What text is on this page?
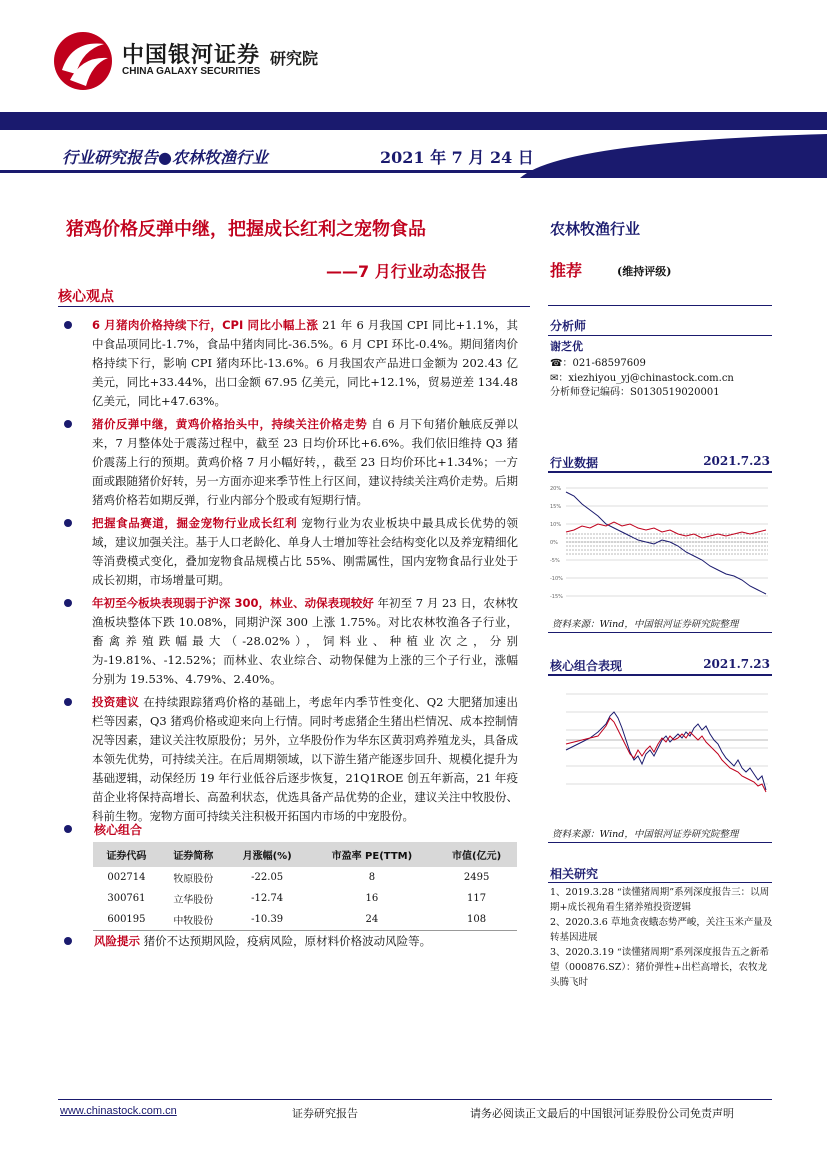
中国银河证券
CHINA GALAXY SECURITIES
研究院
行业研究报告●农林牧渔行业	2021 年 7 月 24 日
猪鸡价格反弹中继，把握成长红利之宠物食品
——7 月行业动态报告
核心观点
6 月猪肉价格持续下行，CPI 同比小幅上涨 21 年 6 月我国 CPI 同比+1.1%，其中食品项同比-1.7%，食品中猪肉同比-36.5%。6 月 CPI 环比-0.4%。期间猪肉价格持续下行，影响 CPI 猪肉环比-13.6%。6 月我国农产品进口金额为 202.43 亿美元，同比+33.44%，出口金额 67.95 亿美元，同比+12.1%，贸易逆差 134.48 亿美元，同比+47.63%。
猪价反弹中继，黄鸡价格抬头中，持续关注价格走势 自 6 月下旬猪价触底反弹以来，7 月整体处于震荡过程中，截至 23 日均价环比+6.6%。我们依旧维持 Q3 猪价震荡上行的预期。黄鸡价格 7 月小幅好转，，截至 23 日均价环比+1.34%；一方面或跟随猪价好转，另一方面亦迎来季节性上行区间，建议持续关注鸡价走势。后期猪鸡价格若如期反弹，行业内部分个股或有短期行情。
把握食品赛道，掘金宠物行业成长红利 宠物行业为农业板块中最具成长优势的领域，建议加强关注。基于人口老龄化、单身人士增加等社会结构变化以及养宠精细化等消费模式变化，叠加宠物食品规模占比 55%、刚需属性，国内宠物食品行业处于成长初期，市场增量可期。
年初至今板块表现弱于沪深 300，林业、动保表现较好 年初至 7 月 23 日，农林牧渔板块整体下跌 10.08%，同期沪深 300 上涨 1.75%。对比农林牧渔各子行业，畜禽养殖跌幅最大（-28.02%），饲料业、种植业次之，分别为-19.81%、-12.52%；而林业、农业综合、动物保健为上涨的三个子行业，涨幅分别为 19.53%、4.79%、2.40%。
投资建议 在持续跟踪猪鸡价格的基础上，考虑年内季节性变化、Q2 大肥猪加速出栏等因素，Q3 猪鸡价格或迎来向上行情。同时考虑猪企生猪出栏情况、成本控制情况等因素，建议关注牧原股份；另外，立华股份作为华东区黄羽鸡养殖龙头，具备成本领先优势，可持续关注。在后周期领域，以下游生猪产能逐步回升、规模化提升为基础逻辑，动保经历 19 年行业低谷后逐步恢复，21Q1ROE 创五年新高，21 年疫苗企业将保持高增长、高盈利状态，优选具备产品优势的企业，建议关注中牧股份、科前生物。宠物方面可持续关注积极开拓国内市场的中宠股份。
核心组合
证券代码	证券简称	月涨幅(%)	市盈率 PE(TTM)	市值(亿元)
002714	牧原股份	-22.05	8	2495
300761	立华股份	-12.74	16	117
600195	中牧股份	-10.39	24	108
风险提示 猪价不达预期风险，疫病风险，原材料价格波动风险等。
农林牧渔行业
推荐	(维持评级)
分析师
谢芝优
☎：021-68597609
✉：xiezhiyou_yj@chinastock.com.cn
分析师登记编码：S0130519020001
行业数据	2021.7.23
20%
15%
10%
0%
-5%
-10%
-15%
资料来源：Wind，中国银河证券研究院整理
核心组合表现	2021.7.23
资料来源：Wind，中国银河证券研究院整理
相关研究
1、2019.3.28 “读懂猪周期”系列深度报告三：以周期+成长视角看生猪养殖投资逻辑
2、2020.3.6 草地贪夜蛾态势严峻，关注玉米产量及转基因进展
3、2020.3.19 “读懂猪周期”系列深度报告五之新希望（000876.SZ）：猪价弹性+出栏高增长，农牧龙头腾飞时
www.chinastock.com.cn	证券研究报告	请务必阅读正文最后的中国银河证券股份公司免责声明
